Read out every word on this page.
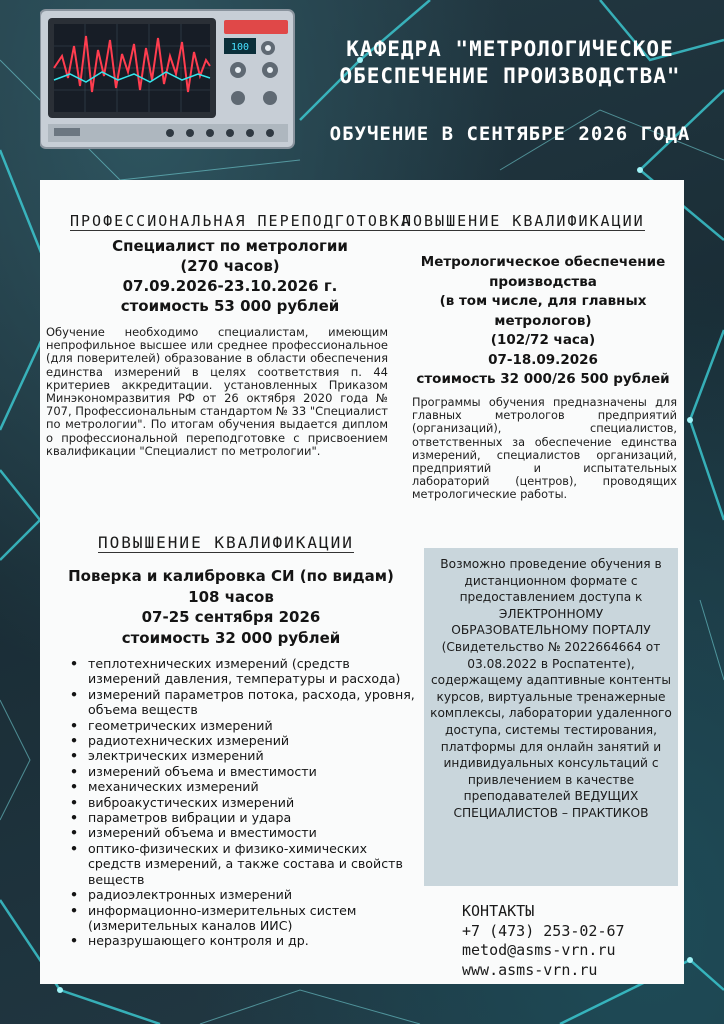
100	КАФЕДРА "МЕТРОЛОГИЧЕСКОЕ
ОБЕСПЕЧЕНИЕ ПРОИЗВОДСТВА"
ОБУЧЕНИЕ В СЕНТЯБРЕ 2026 ГОДА
ПРОФЕССИОНАЛЬНАЯ ПЕРЕПОДГОТОВКА
Специалист по метрологии
(270 часов)
07.09.2026-23.10.2026 г.
стоимость 53 000 рублей
Обучение необходимо специалистам, имеющим непрофильное высшее или среднее профессиональное (для поверителей) образование в области обеспечения единства измерений в целях соответствия п. 44 критериев аккредитации. установленных Приказом Минэкономразвития РФ от 26 октября 2020 года № 707, Профессиональным стандартом № 33 "Специалист по метрологии". По итогам обучения выдается диплом о профессиональной переподготовке с присвоением квалификации "Специалист по метрологии".
ПОВЫШЕНИЕ КВАЛИФИКАЦИИ
Метрологическое обеспечение
производства
(в том числе, для главных
метрологов)
(102/72 часа)
07-18.09.2026
стоимость 32 000/26 500 рублей
Программы обучения предназначены для главных метрологов предприятий (организаций), специалистов, ответственных за обеспечение единства измерений, специалистов организаций, предприятий и испытательных лабораторий (центров), проводящих метрологические работы.
ПОВЫШЕНИЕ КВАЛИФИКАЦИИ
Поверка и калибровка СИ (по видам)
108 часов
07-25 сентября 2026
стоимость 32 000 рублей
• теплотехнических измерений (средств измерений давления, температуры и расхода)
• измерений параметров потока, расхода, уровня, объема веществ
• геометрических измерений
• радиотехнических измерений
• электрических измерений
• измерений объема и вместимости
• механических измерений
• виброакустических измерений
• параметров вибрации и удара
• измерений объема и вместимости
• оптико-физических и физико-химических средств измерений, а также состава и свойств веществ
• радиоэлектронных измерений
• информационно-измерительных систем (измерительных каналов ИИС)
• неразрушающего контроля и др.
Возможно проведение обучения в дистанционном формате с предоставлением доступа к ЭЛЕКТРОННОМУ ОБРАЗОВАТЕЛЬНОМУ ПОРТАЛУ (Свидетельство № 2022664664 от 03.08.2022 в Роспатенте), содержащему адаптивные контенты курсов, виртуальные тренажерные комплексы, лаборатории удаленного доступа, системы тестирования, платформы для онлайн занятий и индивидуальных консультаций с привлечением в качестве преподавателей ВЕДУЩИХ СПЕЦИАЛИСТОВ – ПРАКТИКОВ
КОНТАКТЫ
+7 (473) 253-02-67
metod@asms-vrn.ru
www.asms-vrn.ru
